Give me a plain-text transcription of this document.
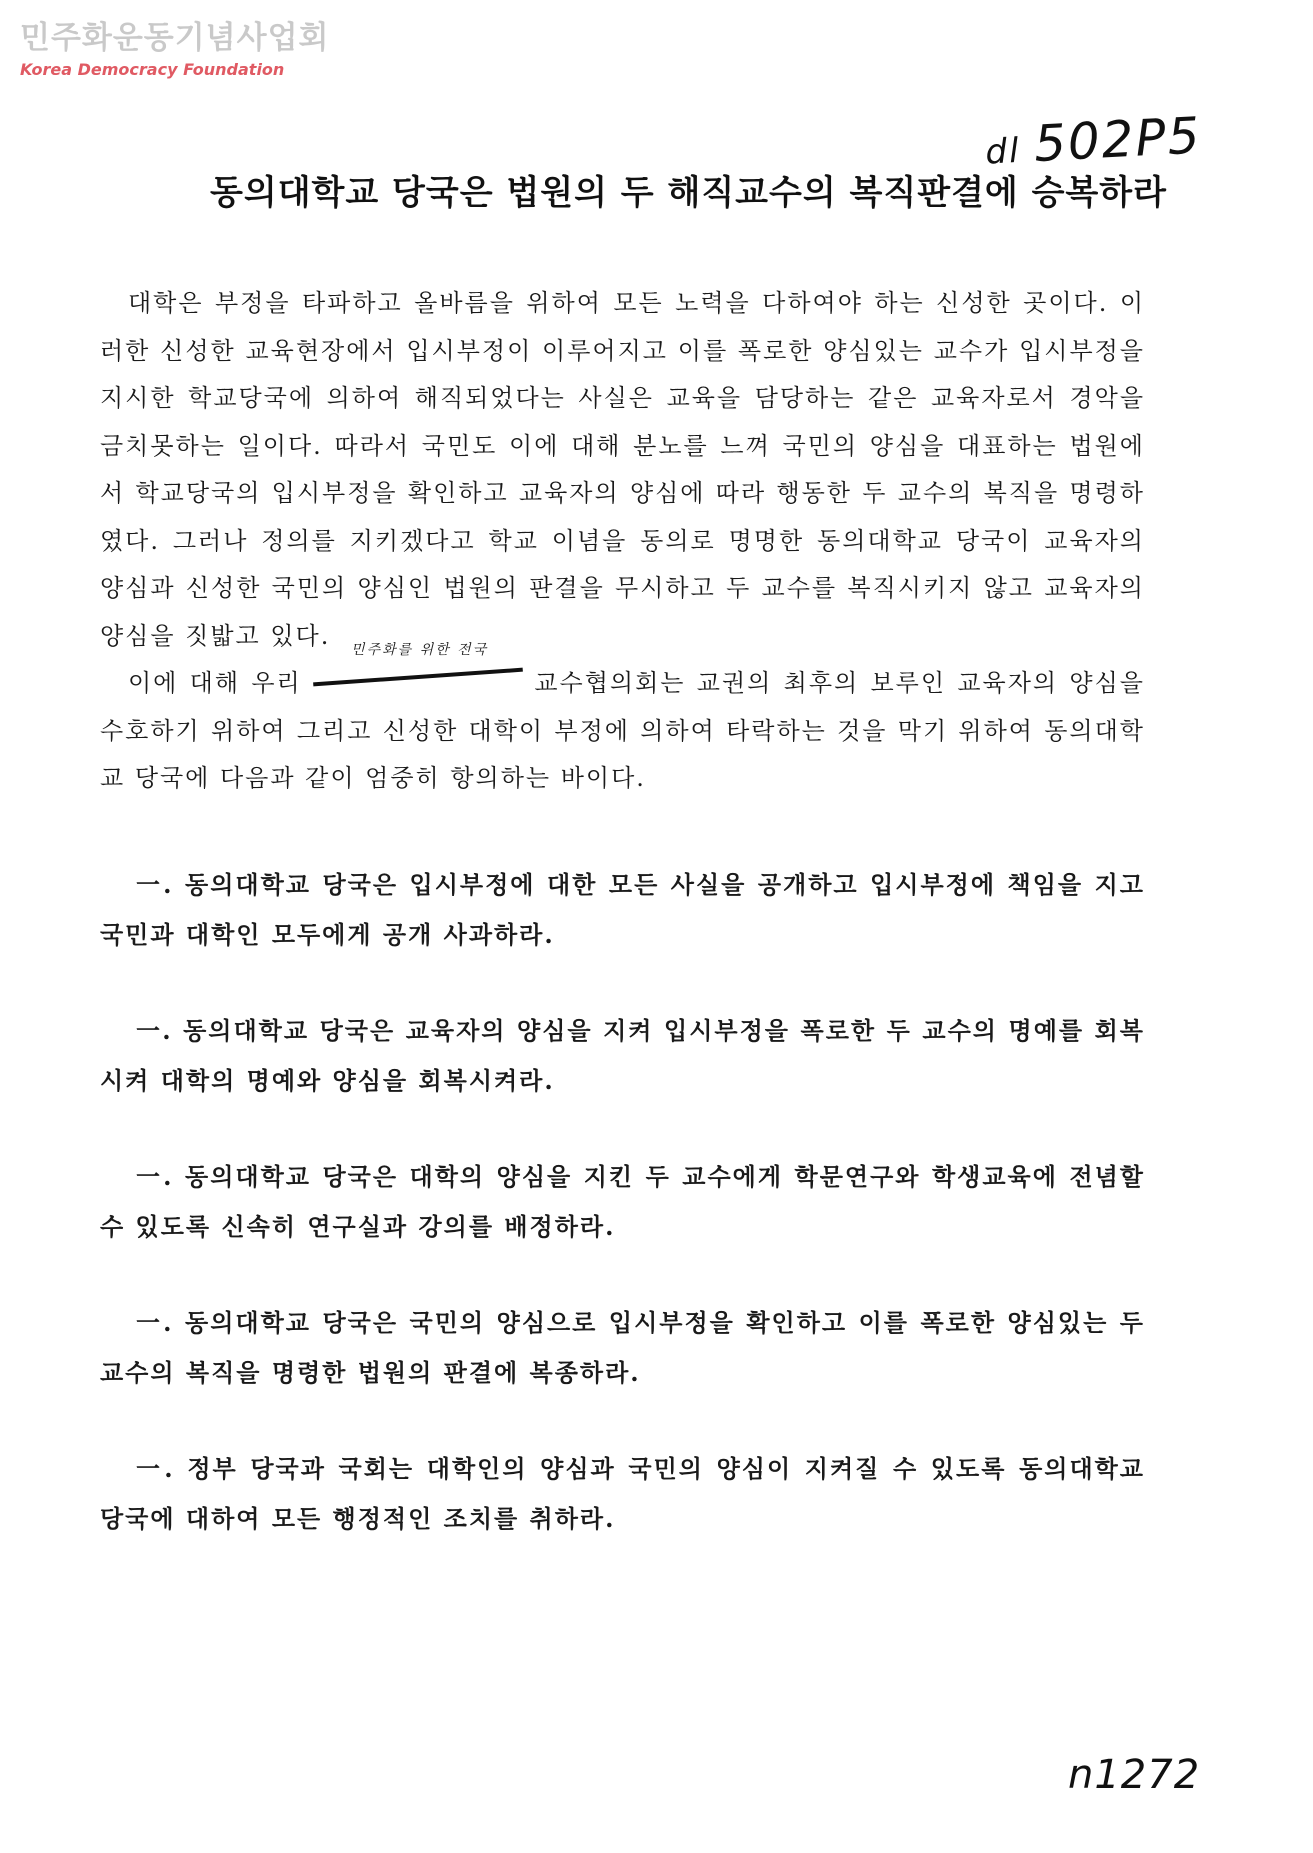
민주화운동기념사업회
Korea Democracy Foundation
dl 502P5
동의대학교 당국은 법원의 두 해직교수의 복직판결에 승복하라

대학은 부정을 타파하고 올바름을 위하여 모든 노력을 다하여야 하는 신성한 곳이다. 이러한 신성한 교육현장에서 입시부정이 이루어지고 이를 폭로한 양심있는 교수가 입시부정을 지시한 학교당국에 의하여 해직되었다는 사실은 교육을 담당하는 같은 교육자로서 경악을 금치못하는 일이다. 따라서 국민도 이에 대해 분노를 느껴 국민의 양심을 대표하는 법원에서 학교당국의 입시부정을 확인하고 교육자의 양심에 따라 행동한 두 교수의 복직을 명령하였다. 그러나 정의를 지키겠다고 학교 이념을 동의로 명명한 동의대학교 당국이 교육자의 양심과 신성한 국민의 양심인 법원의 판결을 무시하고 두 교수를 복직시키지 않고 교육자의 양심을 짓밟고 있다.

이에 대해 우리
민주화를 위한 전국
교수협의회는 교권의 최후의 보루인 교육자의 양심을 수호하기 위하여 그리고 신성한 대학이 부정에 의하여 타락하는 것을 막기 위하여 동의대학교 당국에 다음과 같이 엄중히 항의하는 바이다.

一. 동의대학교 당국은 입시부정에 대한 모든 사실을 공개하고 입시부정에 책임을 지고 국민과 대학인 모두에게 공개 사과하라.

一. 동의대학교 당국은 교육자의 양심을 지켜 입시부정을 폭로한 두 교수의 명예를 회복시켜 대학의 명예와 양심을 회복시켜라.

一. 동의대학교 당국은 대학의 양심을 지킨 두 교수에게 학문연구와 학생교육에 전념할 수 있도록 신속히 연구실과 강의를 배정하라.

一. 동의대학교 당국은 국민의 양심으로 입시부정을 확인하고 이를 폭로한 양심있는 두 교수의 복직을 명령한 법원의 판결에 복종하라.

一. 정부 당국과 국회는 대학인의 양심과 국민의 양심이 지켜질 수 있도록 동의대학교 당국에 대하여 모든 행정적인 조치를 취하라.

n1272
